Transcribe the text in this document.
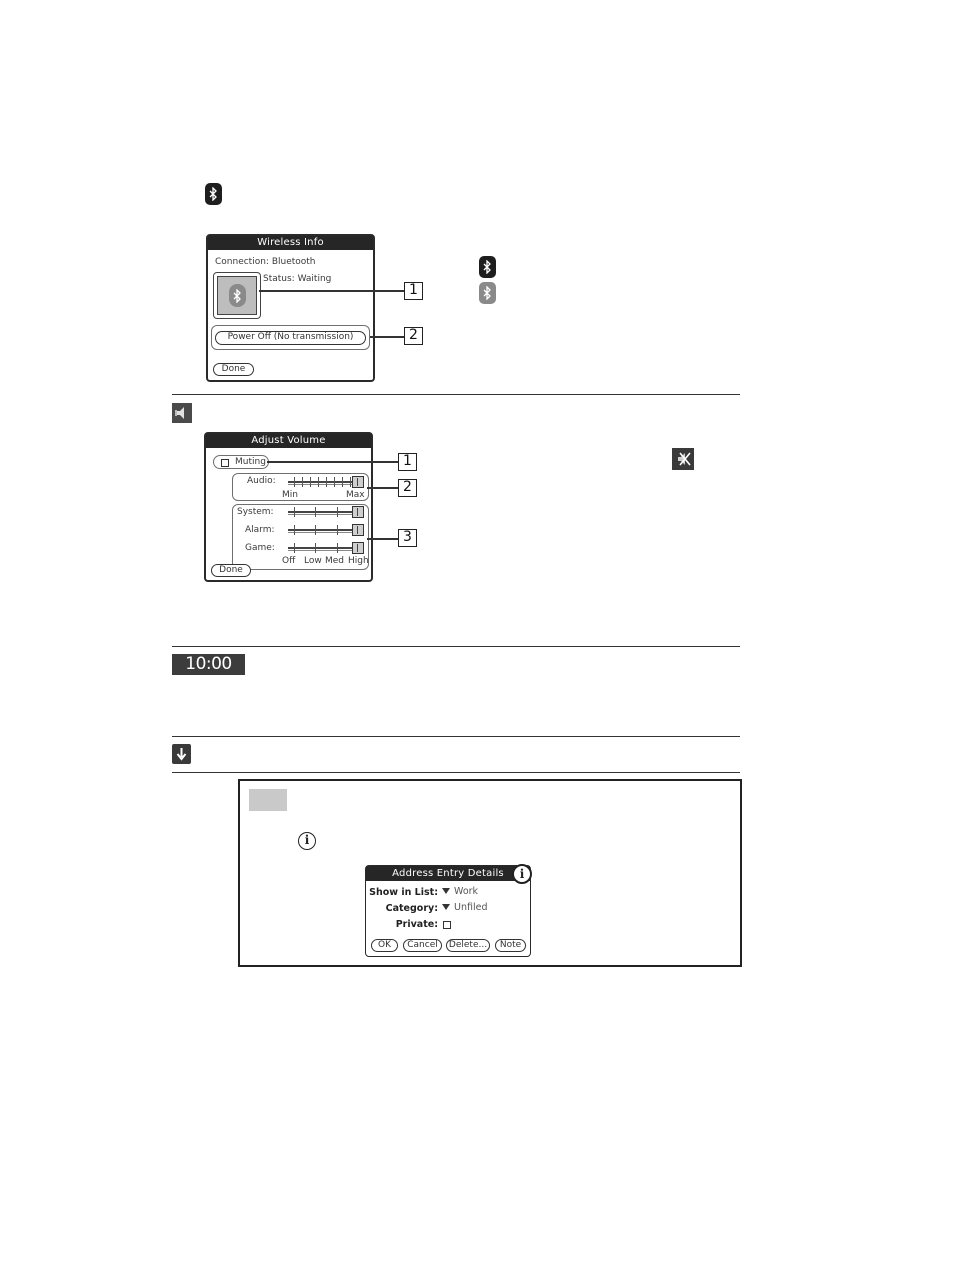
Wireless Info
Connection: Bluetooth
Status: Waiting
Power Off (No transmission)
Done
1
2
Adjust Volume
Muting
Audio:
Min	Max
System:
Alarm:
Game:
Off Low Med High
Done
1
2
3
10:00 am
i
Address Entry Details
Show in List:	Work
Category:	Unfiled
Private:
OK	Cancel	Delete...	Note
i
